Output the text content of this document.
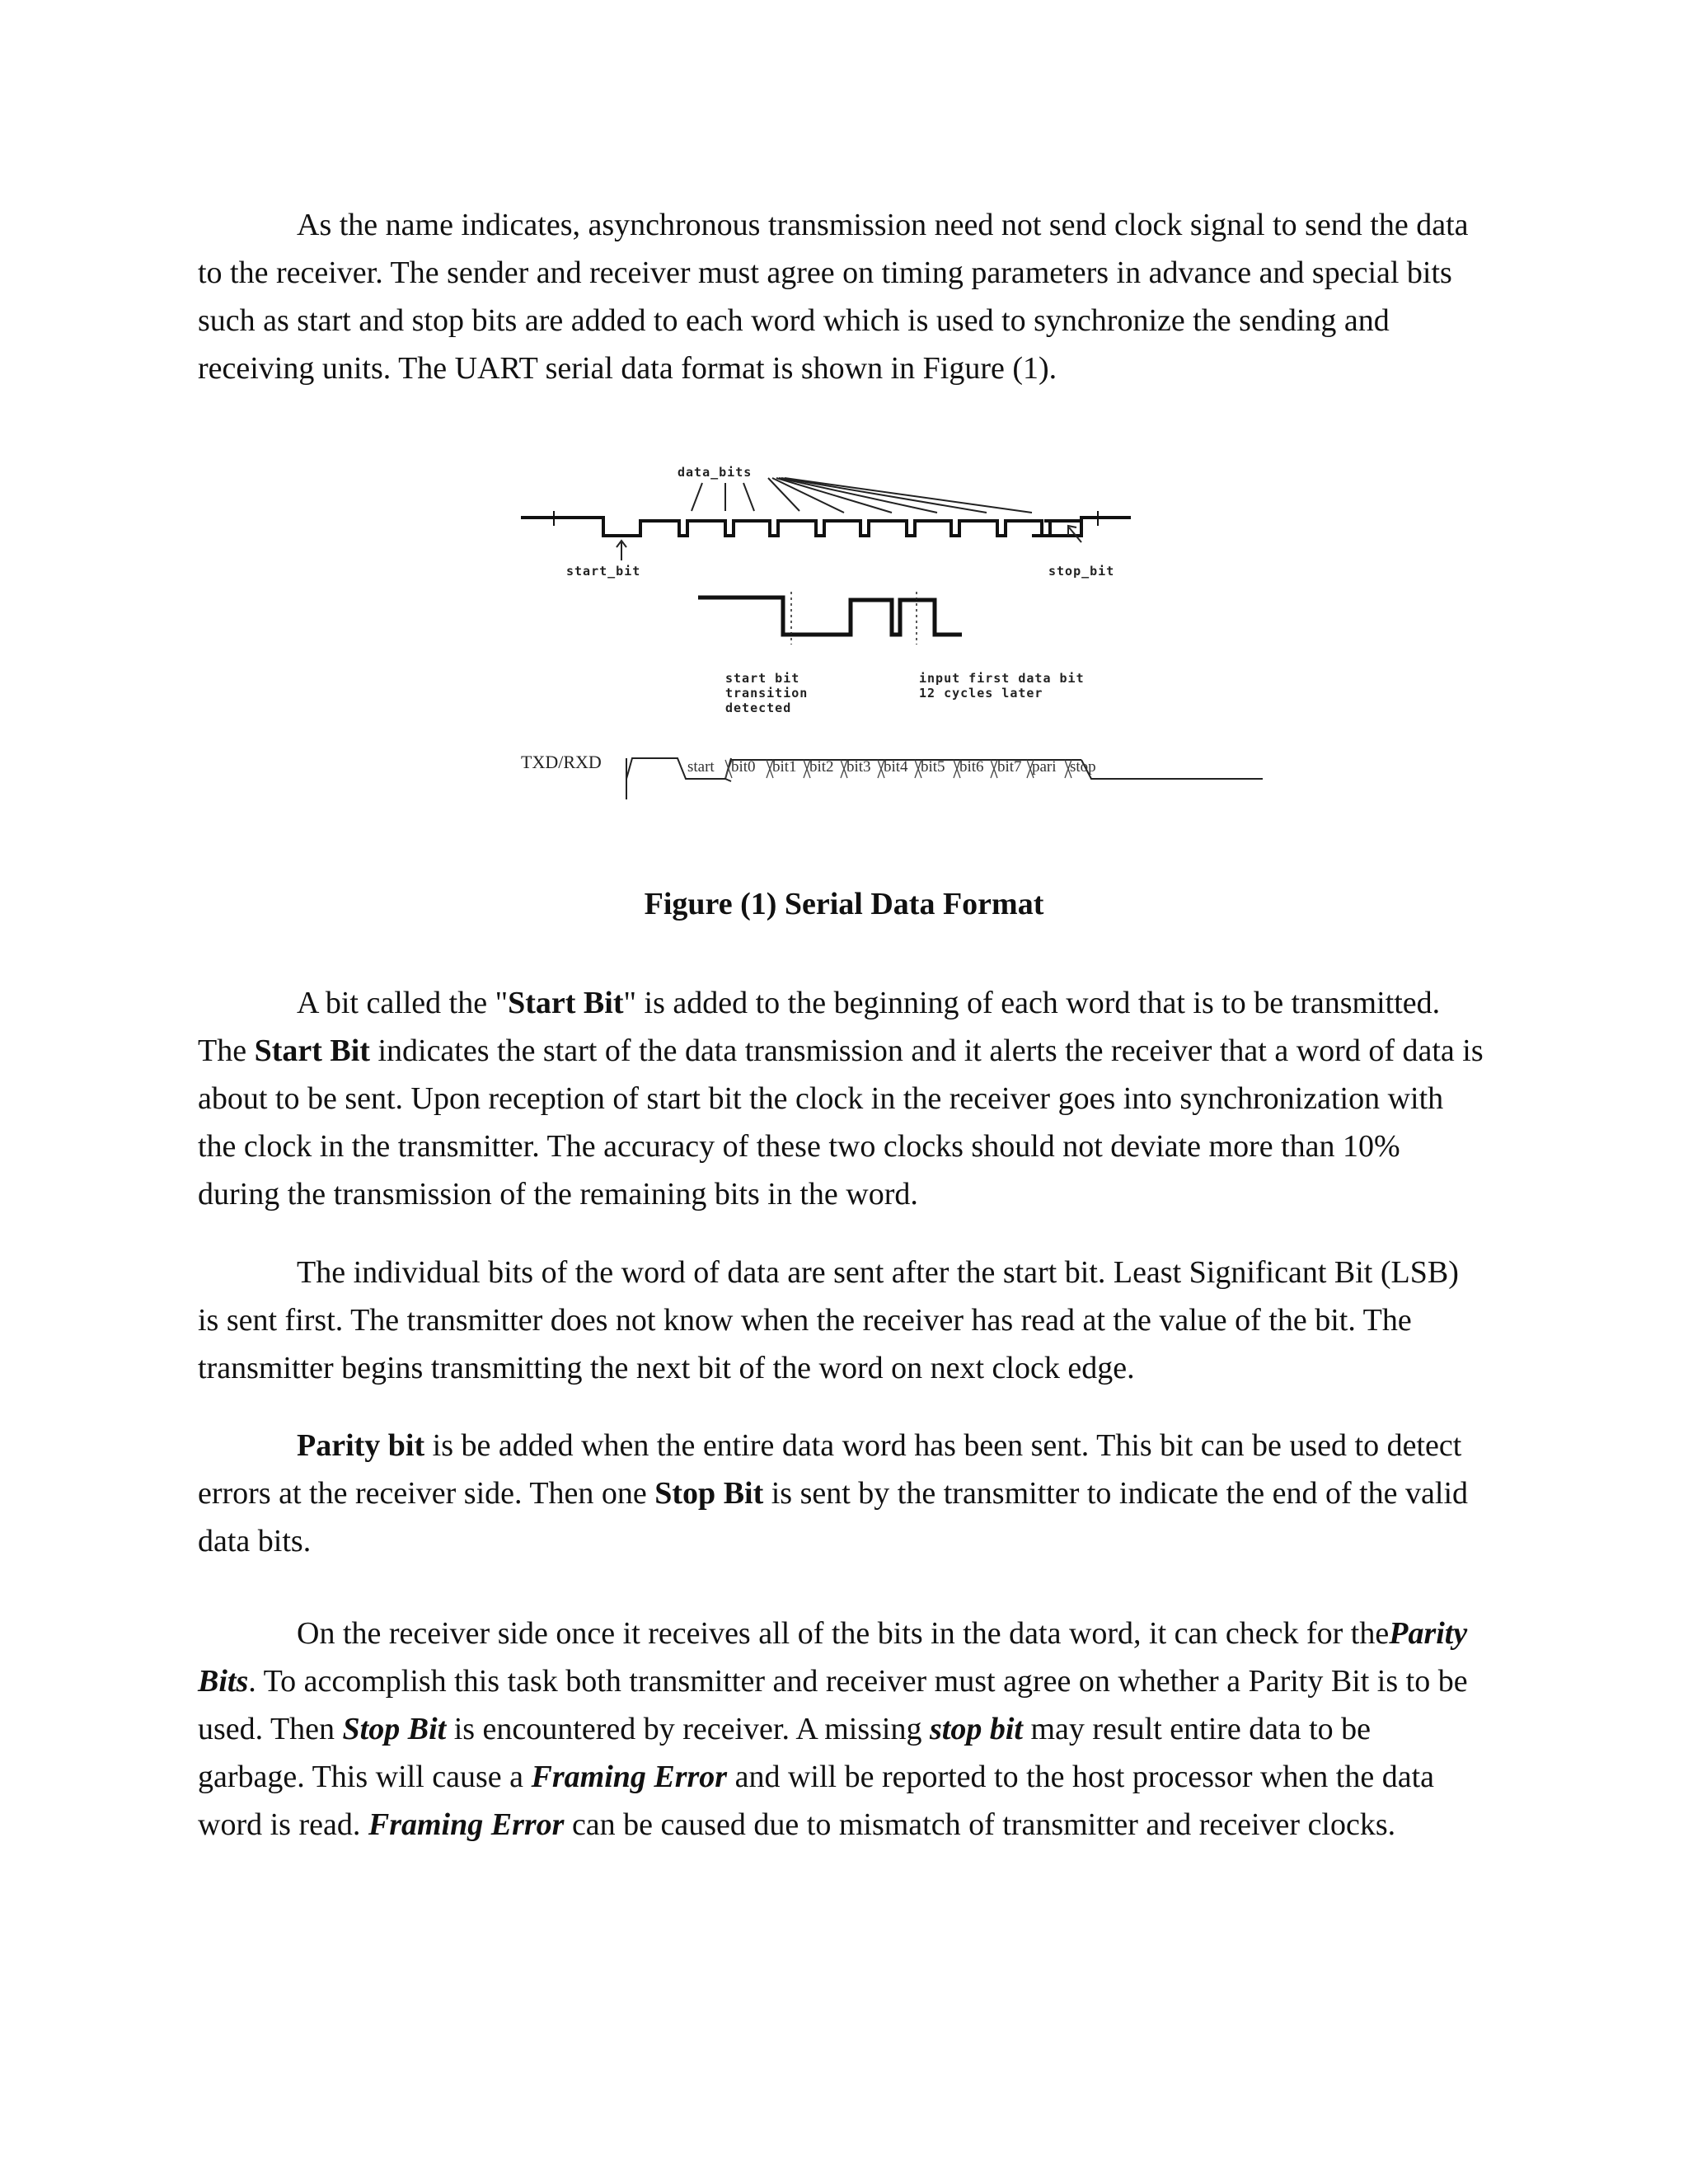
As the name indicates, asynchronous transmission need not send clock signal to send the data to the receiver. The sender and receiver must agree on timing parameters in advance and special bits such as start and stop bits are added to each word which is used to synchronize the sending and receiving units. The UART serial data format is shown in Figure (1).

data_bits
start_bit	stop_bit
start bit
transition
detected
input first data bit
12 cycles later
TXD/RXD	start bit0 bit1 bit2 bit3 bit4 bit5 bit6 bit7 pari stop
Figure (1) Serial Data Format

A bit called the "Start Bit" is added to the beginning of each word that is to be transmitted. The Start Bit indicates the start of the data transmission and it alerts the receiver that a word of data is about to be sent. Upon reception of start bit the clock in the receiver goes into synchronization with the clock in the transmitter. The accuracy of these two clocks should not deviate more than 10% during the transmission of the remaining bits in the word.

The individual bits of the word of data are sent after the start bit. Least Significant Bit (LSB) is sent first. The transmitter does not know when the receiver has read at the value of the bit. The transmitter begins transmitting the next bit of the word on next clock edge.

Parity bit is be added when the entire data word has been sent. This bit can be used to detect errors at the receiver side. Then one Stop Bit is sent by the transmitter to indicate the end of the valid data bits.

On the receiver side once it receives all of the bits in the data word, it can check for theParity Bits. To accomplish this task both transmitter and receiver must agree on whether a Parity Bit is to be used. Then Stop Bit is encountered by receiver. A missing stop bit may result entire data to be garbage. This will cause a Framing Error and will be reported to the host processor when the data word is read. Framing Error can be caused due to mismatch of transmitter and receiver clocks.
